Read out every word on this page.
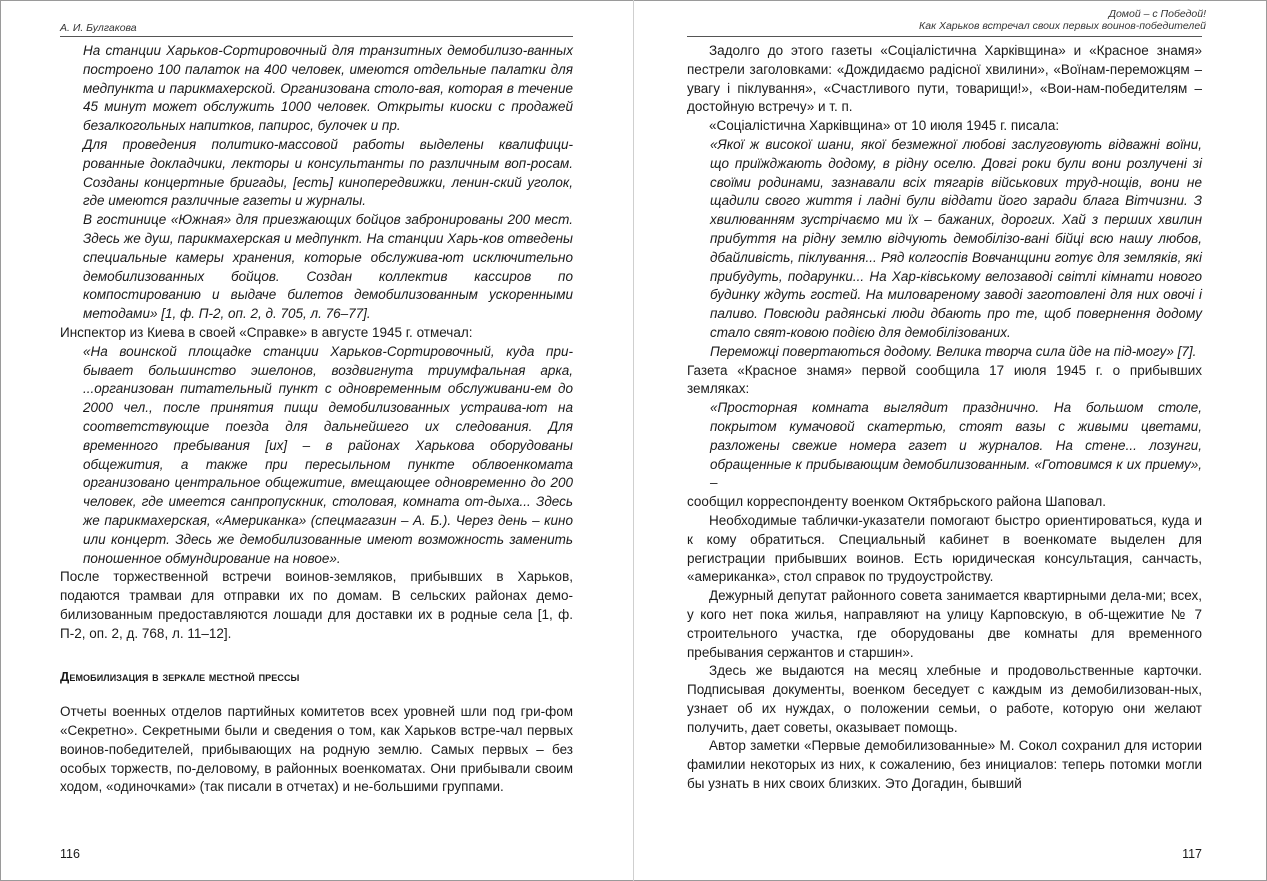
А. И. Булгакова

На станции Харьков-Сортировочный для транзитных демобилизо-ванных построено 100 палаток на 400 человек, имеются отдельные палатки для медпункта и парикмахерской. Организована столо-вая, которая в течение 45 минут может обслужить 1000 человек. Открыты киоски с продажей безалкогольных напитков, папирос, булочек и пр.

Для проведения политико-массовой работы выделены квалифици-рованные докладчики, лекторы и консультанты по различным воп-росам. Созданы концертные бригады, [есть] кинопередвижки, ленин-ский уголок, где имеются различные газеты и журналы.

В гостинице «Южная» для приезжающих бойцов забронированы 200 мест. Здесь же душ, парикмахерская и медпункт. На станции Харь-ков отведены специальные камеры хранения, которые обслужива-ют исключительно демобилизованных бойцов. Создан коллектив кассиров по компостированию и выдаче билетов демобилизованным ускоренными методами» [1, ф. П-2, оп. 2, д. 705, л. 76–77].

Инспектор из Киева в своей «Справке» в августе 1945 г. отмечал:

«На воинской площадке станции Харьков-Сортировочный, куда при-бывает большинство эшелонов, воздвигнута триумфальная арка, ...организован питательный пункт с одновременным обслуживани-ем до 2000 чел., после принятия пищи демобилизованных устраива-ют на соответствующие поезда для дальнейшего их следования. Для временного пребывания [их] – в районах Харькова оборудованы общежития, а также при пересыльном пункте облвоенкомата организовано центральное общежитие, вмещающее одновременно до 200 человек, где имеется санпропускник, столовая, комната от-дыха... Здесь же парикмахерская, «Американка» (спецмагазин – А. Б.). Через день – кино или концерт. Здесь же демобилизованные имеют возможность заменить поношенное обмундирование на новое».

После торжественной встречи воинов-земляков, прибывших в Харьков, подаются трамваи для отправки их по домам. В сельских районах демо-билизованным предоставляются лошади для доставки их в родные села [1, ф. П-2, оп. 2, д. 768, л. 11–12].

Демобилизация в зеркале местной прессы

Отчеты военных отделов партийных комитетов всех уровней шли под гри-фом «Секретно». Секретными были и сведения о том, как Харьков встре-чал первых воинов-победителей, прибывающих на родную землю. Самых первых – без особых торжеств, по-деловому, в районных военкоматах. Они прибывали своим ходом, «одиночками» (так писали в отчетах) и не-большими группами.

116
Домой – с Победой!
Как Харьков встречал своих первых воинов-победителей

Задолго до этого газеты «Соціалістична Харківщина» и «Красное знамя» пестрели заголовками: «Дождидаємо радісної хвилини», «Воїнам-переможцям – увагу і піклування», «Счастливого пути, товарищи!», «Вои-нам-победителям – достойную встречу» и т. п.

«Соціалістична Харківщина» от 10 июля 1945 г. писала:

«Якої ж високої шани, якої безмежної любові заслуговують відважні воїни, що приїжджають додому, в рідну оселю. Довгі роки були вони розлучені зі своїми родинами, зазнавали всіх тягарів військових труд-нощів, вони не щадили свого життя і ладні були віддати його заради блага Вітчизни. З хвилюванням зустрічаємо ми їх – бажаних, дорогих. Хай з перших хвилин прибуття на рідну землю відчують демобілізо-вані бійці всю нашу любов, дбайливість, піклування... Ряд колгоспів Вовчанщини готує для земляків, які прибудуть, подарунки... На Хар-ківському велозаводі світлі кімнати нового будинку ждуть гостей. На миловареному заводі заготовлені для них овочі і паливо. Повсюди радянські люди дбають про те, щоб повернення додому стало свят-ковою подією для демобілізованих.

Переможці повертаються додому. Велика творча сила йде на під-могу» [7].

Газета «Красное знамя» первой сообщила 17 июля 1945 г. о прибывших земляках:

«Просторная комната выглядит празднично. На большом столе, покрытом кумачовой скатертью, стоят вазы с живыми цветами, разложены свежие номера газет и журналов. На стене... лозунги, обращенные к прибывающим демобилизованным. «Готовимся к их приему», –

сообщил корреспонденту военком Октябрьского района Шаповал.

Необходимые таблички-указатели помогают быстро ориентироваться, куда и к кому обратиться. Специальный кабинет в военкомате выделен для регистрации прибывших воинов. Есть юридическая консультация, санчасть, «американка», стол справок по трудоустройству.

Дежурный депутат районного совета занимается квартирными дела-ми; всех, у кого нет пока жилья, направляют на улицу Карповскую, в об-щежитие № 7 строительного участка, где оборудованы две комнаты для временного пребывания сержантов и старшин».

Здесь же выдаются на месяц хлебные и продовольственные карточки. Подписывая документы, военком беседует с каждым из демобилизован-ных, узнает об их нуждах, о положении семьи, о работе, которую они желают получить, дает советы, оказывает помощь.

Автор заметки «Первые демобилизованные» М. Сокол сохранил для истории фамилии некоторых из них, к сожалению, без инициалов: теперь потомки могли бы узнать в них своих близких. Это Догадин, бывший

117
